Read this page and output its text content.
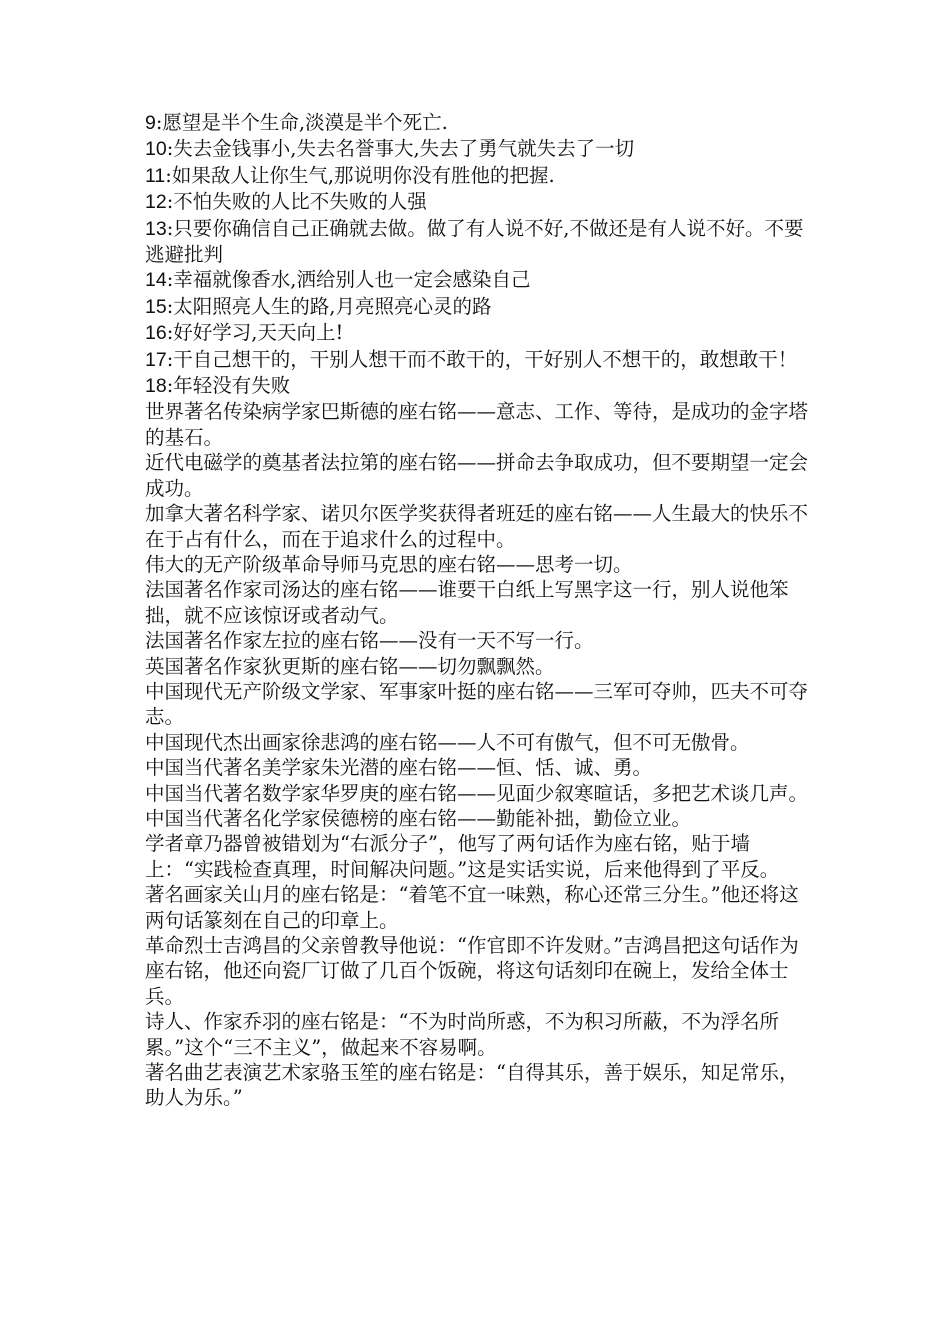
9:愿望是半个生命,淡漠是半个死亡.

10:失去金钱事小,失去名誉事大,失去了勇气就失去了一切

11:如果敌人让你生气,那说明你没有胜他的把握.

12:不怕失败的人比不失败的人强

13:只要你确信自己正确就去做。做了有人说不好,不做还是有人说不好。不要逃避批判

14:幸福就像香水,洒给别人也一定会感染自己

15:太阳照亮人生的路,月亮照亮心灵的路

16:好好学习,天天向上!

17:干自己想干的，干别人想干而不敢干的，干好别人不想干的，敢想敢干！

18:年轻没有失败

世界著名传染病学家巴斯德的座右铭——意志、工作、等待，是成功的金字塔的基石。

近代电磁学的奠基者法拉第的座右铭——拼命去争取成功，但不要期望一定会成功。

加拿大著名科学家、诺贝尔医学奖获得者班廷的座右铭——人生最大的快乐不在于占有什么，而在于追求什么的过程中。

伟大的无产阶级革命导师马克思的座右铭——思考一切。

法国著名作家司汤达的座右铭——谁要干白纸上写黑字这一行，别人说他笨拙，就不应该惊讶或者动气。

法国著名作家左拉的座右铭——没有一天不写一行。

英国著名作家狄更斯的座右铭——切勿飘飘然。

中国现代无产阶级文学家、军事家叶挺的座右铭——三军可夺帅，匹夫不可夺志。

中国现代杰出画家徐悲鸿的座右铭——人不可有傲气，但不可无傲骨。

中国当代著名美学家朱光潜的座右铭——恒、恬、诚、勇。

中国当代著名数学家华罗庚的座右铭——见面少叙寒暄话，多把艺术谈几声。

中国当代著名化学家侯德榜的座右铭——勤能补拙，勤俭立业。

学者章乃器曾被错划为“右派分子”，他写了两句话作为座右铭，贴于墙上：“实践检查真理，时间解决问题。”这是实话实说，后来他得到了平反。

著名画家关山月的座右铭是：“着笔不宜一味熟，称心还常三分生。”他还将这两句话篆刻在自己的印章上。

革命烈士吉鸿昌的父亲曾教导他说：“作官即不许发财。”吉鸿昌把这句话作为座右铭，他还向瓷厂订做了几百个饭碗，将这句话刻印在碗上，发给全体士兵。

诗人、作家乔羽的座右铭是：“不为时尚所惑，不为积习所蔽，不为浮名所累。”这个“三不主义”，做起来不容易啊。

著名曲艺表演艺术家骆玉笙的座右铭是：“自得其乐，善于娱乐，知足常乐，助人为乐。”
